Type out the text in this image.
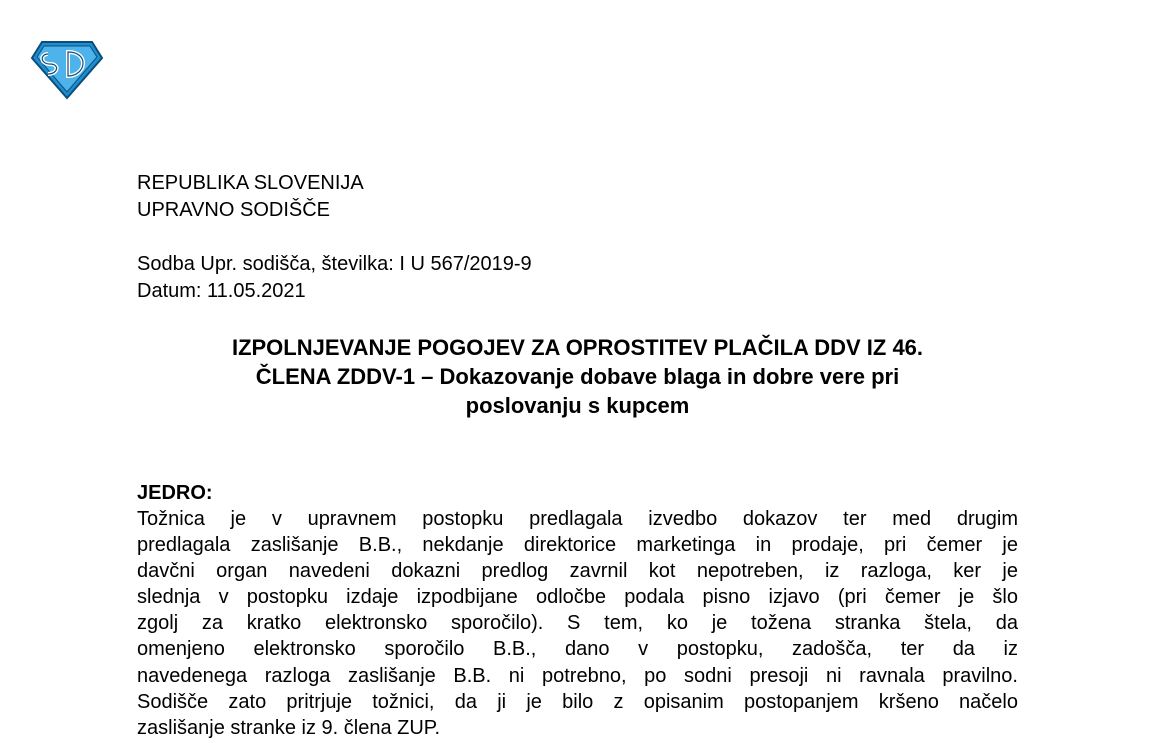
REPUBLIKA SLOVENIJA
UPRAVNO SODIŠČE
Sodba Upr. sodišča, številka: I U 567/2019-9
Datum: 11.05.2021
IZPOLNJEVANJE POGOJEV ZA OPROSTITEV PLAČILA DDV IZ 46.
ČLENA ZDDV-1 – Dokazovanje dobave blaga in dobre vere pri
poslovanju s kupcem
JEDRO:
Tožnica je v upravnem postopku predlagala izvedbo dokazov ter med drugim
predlagala zaslišanje B.B., nekdanje direktorice marketinga in prodaje, pri čemer je
davčni organ navedeni dokazni predlog zavrnil kot nepotreben, iz razloga, ker je
slednja v postopku izdaje izpodbijane odločbe podala pisno izjavo (pri čemer je šlo
zgolj za kratko elektronsko sporočilo). S tem, ko je tožena stranka štela, da
omenjeno elektronsko sporočilo B.B., dano v postopku, zadošča, ter da iz
navedenega razloga zaslišanje B.B. ni potrebno, po sodni presoji ni ravnala pravilno.
Sodišče zato pritrjuje tožnici, da ji je bilo z opisanim postopanjem kršeno načelo
zaslišanje stranke iz 9. člena ZUP.
